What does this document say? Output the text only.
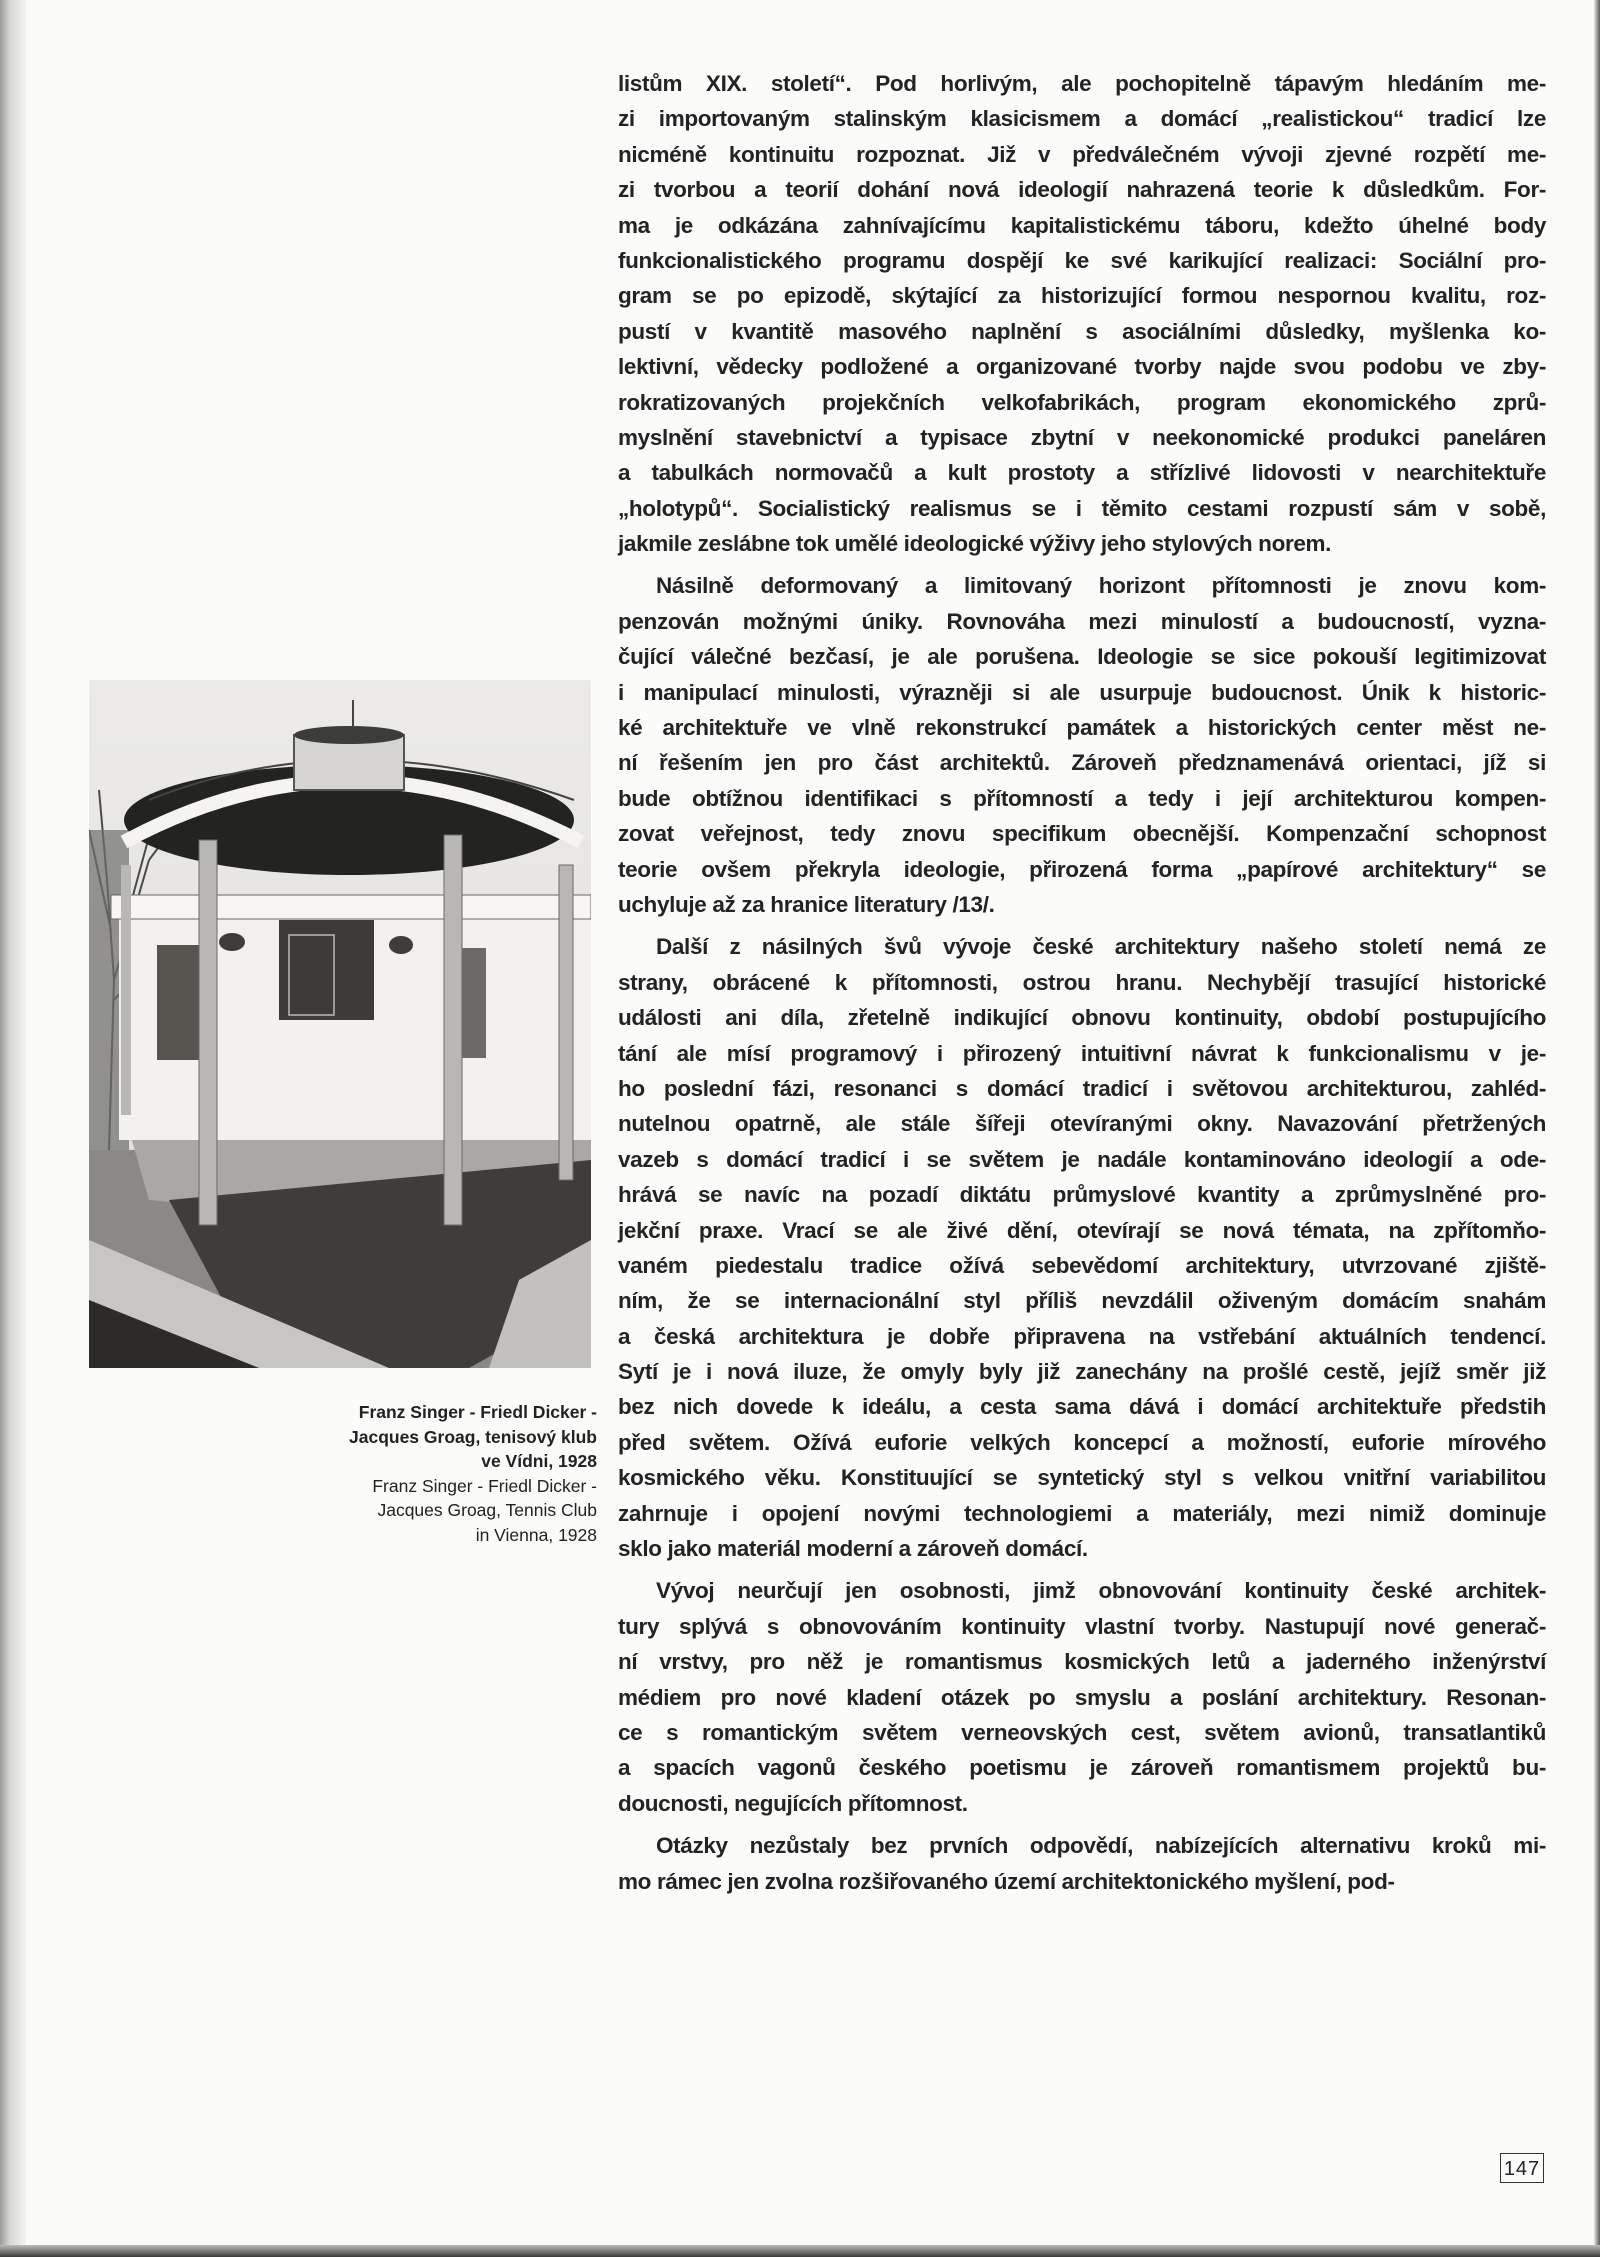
listům XIX. století“. Pod horlivým, ale pochopitelně tápavým hledáním me-
zi importovaným stalinským klasicismem a domácí „realistickou“ tradicí lze
nicméně kontinuitu rozpoznat. Již v předválečném vývoji zjevné rozpětí me-
zi tvorbou a teorií dohání nová ideologií nahrazená teorie k důsledkům. For-
ma je odkázána zahnívajícímu kapitalistickému táboru, kdežto úhelné body
funkcionalistického programu dospějí ke své karikující realizaci: Sociální pro-
gram se po epizodě, skýtající za historizující formou nespornou kvalitu, roz-
pustí v kvantitě masového naplnění s asociálními důsledky, myšlenka ko-
lektivní, vědecky podložené a organizované tvorby najde svou podobu ve zby-
rokratizovaných projekčních velkofabrikách, program ekonomického zprů-
myslnění stavebnictví a typisace zbytní v neekonomické produkci paneláren
a tabulkách normovačů a kult prostoty a střízlivé lidovosti v nearchitektuře
„holotypů“. Socialistický realismus se i těmito cestami rozpustí sám v sobě,
jakmile zeslábne tok umělé ideologické výživy jeho stylových norem.
Násilně deformovaný a limitovaný horizont přítomnosti je znovu kom-
penzován možnými úniky. Rovnováha mezi minulostí a budoucností, vyzna-
čující válečné bezčasí, je ale porušena. Ideologie se sice pokouší legitimizovat
i manipulací minulosti, výrazněji si ale usurpuje budoucnost. Únik k historic-
ké architektuře ve vlně rekonstrukcí památek a historických center měst ne-
ní řešením jen pro část architektů. Zároveň předznamenává orientaci, jíž si
bude obtížnou identifikaci s přítomností a tedy i její architekturou kompen-
zovat veřejnost, tedy znovu specifikum obecnější. Kompenzační schopnost
teorie ovšem překryla ideologie, přirozená forma „papírové architektury“ se
uchyluje až za hranice literatury /13/.
Další z násilných švů vývoje české architektury našeho století nemá ze
strany, obrácené k přítomnosti, ostrou hranu. Nechybějí trasující historické
události ani díla, zřetelně indikující obnovu kontinuity, období postupujícího
tání ale mísí programový i přirozený intuitivní návrat k funkcionalismu v je-
ho poslední fázi, resonanci s domácí tradicí i světovou architekturou, zahléd-
nutelnou opatrně, ale stále šířeji otevíranými okny. Navazování přetržených
vazeb s domácí tradicí i se světem je nadále kontaminováno ideologií a ode-
hrává se navíc na pozadí diktátu průmyslové kvantity a zprůmyslněné pro-
jekční praxe. Vrací se ale živé dění, otevírají se nová témata, na zpřítomňo-
vaném piedestalu tradice ožívá sebevědomí architektury, utvrzované zjiště-
ním, že se internacionální styl příliš nevzdálil oživeným domácím snahám
a česká architektura je dobře připravena na vstřebání aktuálních tendencí.
Sytí je i nová iluze, že omyly byly již zanechány na prošlé cestě, jejíž směr již
bez nich dovede k ideálu, a cesta sama dává i domácí architektuře předstih
před světem. Ožívá euforie velkých koncepcí a možností, euforie mírového
kosmického věku. Konstituující se syntetický styl s velkou vnitřní variabilitou
zahrnuje i opojení novými technologiemi a materiály, mezi nimiž dominuje
sklo jako materiál moderní a zároveň domácí.
Vývoj neurčují jen osobnosti, jimž obnovování kontinuity české architek-
tury splývá s obnovováním kontinuity vlastní tvorby. Nastupují nové generač-
ní vrstvy, pro něž je romantismus kosmických letů a jaderného inženýrství
médiem pro nové kladení otázek po smyslu a poslání architektury. Resonan-
ce s romantickým světem verneovských cest, světem avionů, transatlantiků
a spacích vagonů českého poetismu je zároveň romantismem projektů bu-
doucnosti, negujících přítomnost.
Otázky nezůstaly bez prvních odpovědí, nabízejících alternativu kroků mi-
mo rámec jen zvolna rozšiřovaného území architektonického myšlení, pod-
Franz Singer - Friedl Dicker -
Jacques Groag, tenisový klub
ve Vídni, 1928
Franz Singer - Friedl Dicker -
Jacques Groag, Tennis Club
in Vienna, 1928
147
